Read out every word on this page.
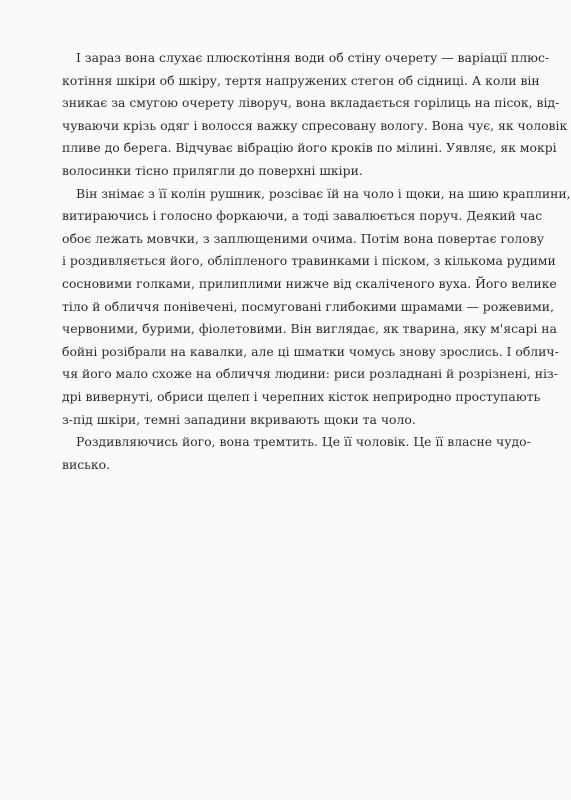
І зараз вона слухає плюскотіння води об стіну очерету — варіації плюс-
котіння шкіри об шкіру, тертя напружених стегон об сідниці. А коли він
зникає за смугою очерету ліворуч, вона вкладається горілиць на пісок, від-
чуваючи крізь одяг і волосся важку спресовану вологу. Вона чує, як чоловік
пливе до берега. Відчуває вібрацію його кроків по мілині. Уявляє, як мокрі
волосинки тісно прилягли до поверхні шкіри.

Він знімає з її колін рушник, розсіває їй на чоло і щоки, на шию краплини,
витираючись і голосно форкаючи, а тоді завалюється поруч. Деякий час
обоє лежать мовчки, з заплющеними очима. Потім вона повертає голову
і роздивляється його, обліпленого травинками і піском, з кількома рудими
сосновими голками, прилиплими нижче від скаліченого вуха. Його велике
тіло й обличчя понівечені, посмуговані глибокими шрамами — рожевими,
червоними, бурими, фіолетовими. Він виглядає, як тварина, яку м'ясарі на
бойні розібрали на кавалки, але ці шматки чомусь знову зрослись. І облич-
чя його мало схоже на обличчя людини: риси розладнані й розрізнені, ніз-
дрі вивернуті, обриси щелеп і черепних кісток неприродно проступають
з-під шкіри, темні западини вкривають щоки та чоло.

Роздивляючись його, вона тремтить. Це її чоловік. Це її власне чудо-
висько.
